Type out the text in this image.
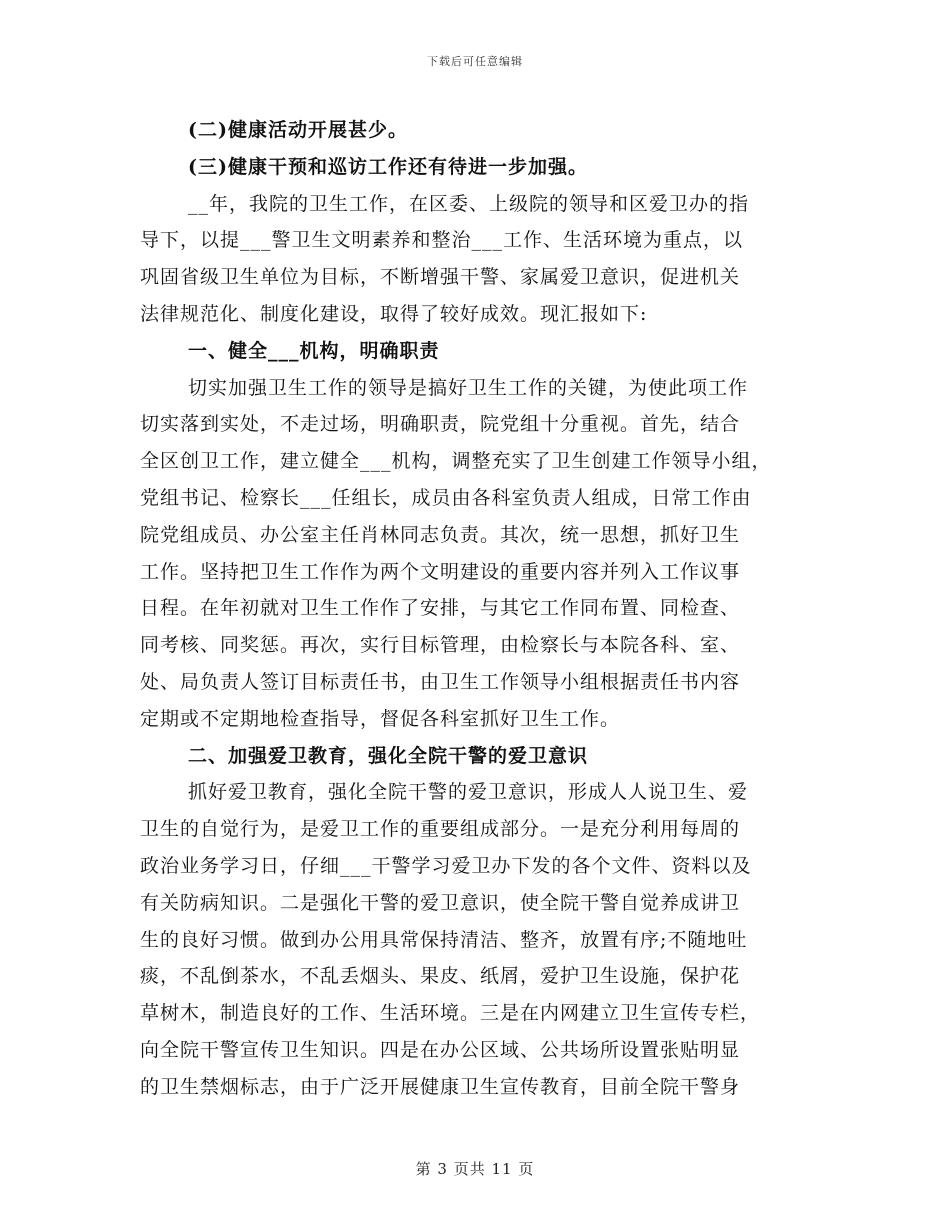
下载后可任意编辑
(二)健康活动开展甚少。
(三)健康干预和巡访工作还有待进一步加强。
__年，我院的卫生工作，在区委、上级院的领导和区爱卫办的指
导下，以提___警卫生文明素养和整治___工作、生活环境为重点，以
巩固省级卫生单位为目标，不断增强干警、家属爱卫意识，促进机关
法律规范化、制度化建设，取得了较好成效。现汇报如下:
一、健全___机构，明确职责
切实加强卫生工作的领导是搞好卫生工作的关键，为使此项工作
切实落到实处，不走过场，明确职责，院党组十分重视。首先，结合
全区创卫工作，建立健全___机构，调整充实了卫生创建工作领导小组，
党组书记、检察长___任组长，成员由各科室负责人组成，日常工作由
院党组成员、办公室主任肖林同志负责。其次，统一思想，抓好卫生
工作。坚持把卫生工作作为两个文明建设的重要内容并列入工作议事
日程。在年初就对卫生工作作了安排，与其它工作同布置、同检查、
同考核、同奖惩。再次，实行目标管理，由检察长与本院各科、室、
处、局负责人签订目标责任书，由卫生工作领导小组根据责任书内容
定期或不定期地检查指导，督促各科室抓好卫生工作。
二、加强爱卫教育，强化全院干警的爱卫意识
抓好爱卫教育，强化全院干警的爱卫意识，形成人人说卫生、爱
卫生的自觉行为，是爱卫工作的重要组成部分。一是充分利用每周的
政治业务学习日，仔细___干警学习爱卫办下发的各个文件、资料以及
有关防病知识。二是强化干警的爱卫意识，使全院干警自觉养成讲卫
生的良好习惯。做到办公用具常保持清洁、整齐，放置有序;不随地吐
痰，不乱倒茶水，不乱丢烟头、果皮、纸屑，爱护卫生设施，保护花
草树木，制造良好的工作、生活环境。三是在内网建立卫生宣传专栏，
向全院干警宣传卫生知识。四是在办公区域、公共场所设置张贴明显
的卫生禁烟标志，由于广泛开展健康卫生宣传教育，目前全院干警身
第 3 页共 11 页
